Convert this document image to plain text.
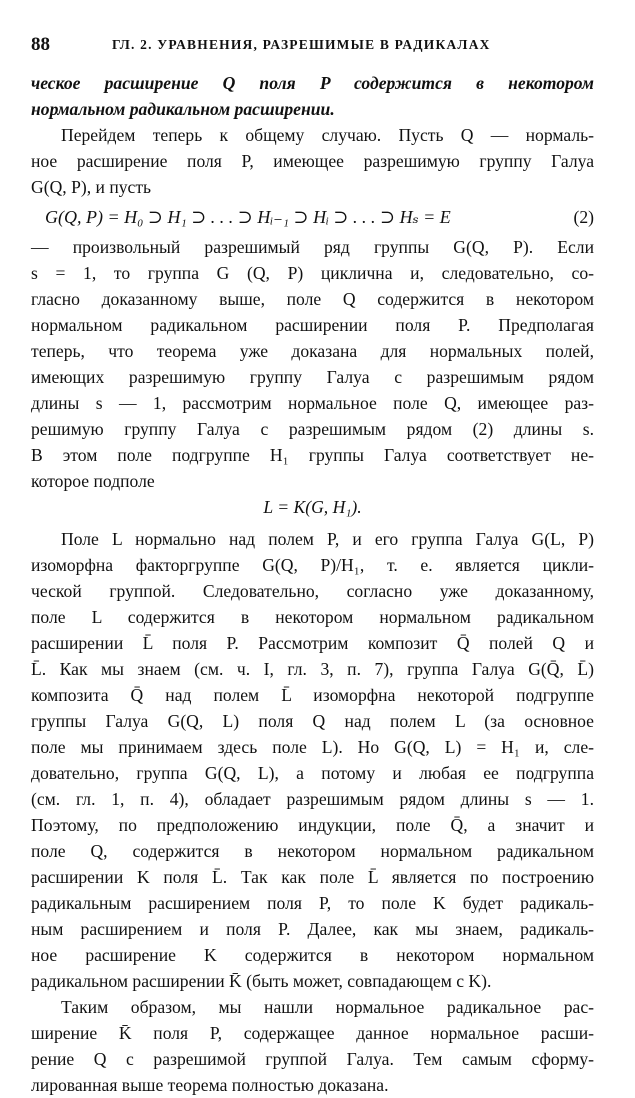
88	ГЛ. 2. УРАВНЕНИЯ, РАЗРЕШИМЫЕ В РАДИКАЛАХ
ческое расширение Q поля P содержится в некотором
нормальном радикальном расширении.
Перейдем теперь к общему случаю. Пусть Q — нормаль-
ное расширение поля P, имеющее разрешимую группу Галуа
G(Q, P), и пусть
G(Q, P) = H₀ ⊃ H₁ ⊃ . . . ⊃ Hᵢ₋₁ ⊃ Hᵢ ⊃ . . . ⊃ Hₛ = E	(2)
— произвольный разрешимый ряд группы G(Q, P). Если
s = 1, то группа G (Q, P) циклична и, следовательно, со-
гласно доказанному выше, поле Q содержится в некотором
нормальном радикальном расширении поля P. Предполагая
теперь, что теорема уже доказана для нормальных полей,
имеющих разрешимую группу Галуа с разрешимым рядом
длины s — 1, рассмотрим нормальное поле Q, имеющее раз-
решимую группу Галуа с разрешимым рядом (2) длины s.
В этом поле подгруппе H₁ группы Галуа соответствует не-
которое подполе
L = K(G, H₁).
Поле L нормально над полем P, и его группа Галуа G(L, P)
изоморфна факторгруппе G(Q, P)/H₁, т. е. является цикли-
ческой группой. Следовательно, согласно уже доказанному,
поле L содержится в некотором нормальном радикальном
расширении L̄ поля P. Рассмотрим композит Q̄ полей Q и
L̄. Как мы знаем (см. ч. I, гл. 3, п. 7), группа Галуа G(Q̄, L̄)
композита Q̄ над полем L̄ изоморфна некоторой подгруппе
группы Галуа G(Q, L) поля Q над полем L (за основное
поле мы принимаем здесь поле L). Но G(Q, L) = H₁ и, сле-
довательно, группа G(Q, L), а потому и любая ее подгруппа
(см. гл. 1, п. 4), обладает разрешимым рядом длины s — 1.
Поэтому, по предположению индукции, поле Q̄, а значит и
поле Q, содержится в некотором нормальном радикальном
расширении K поля L̄. Так как поле L̄ является по построению
радикальным расширением поля P, то поле K будет радикаль-
ным расширением и поля P. Далее, как мы знаем, радикаль-
ное расширение K содержится в некотором нормальном
радикальном расширении K̄ (быть может, совпадающем с K).
Таким образом, мы нашли нормальное радикальное рас-
ширение K̄ поля P, содержащее данное нормальное расши-
рение Q с разрешимой группой Галуа. Тем самым сформу-
лированная выше теорема полностью доказана.
